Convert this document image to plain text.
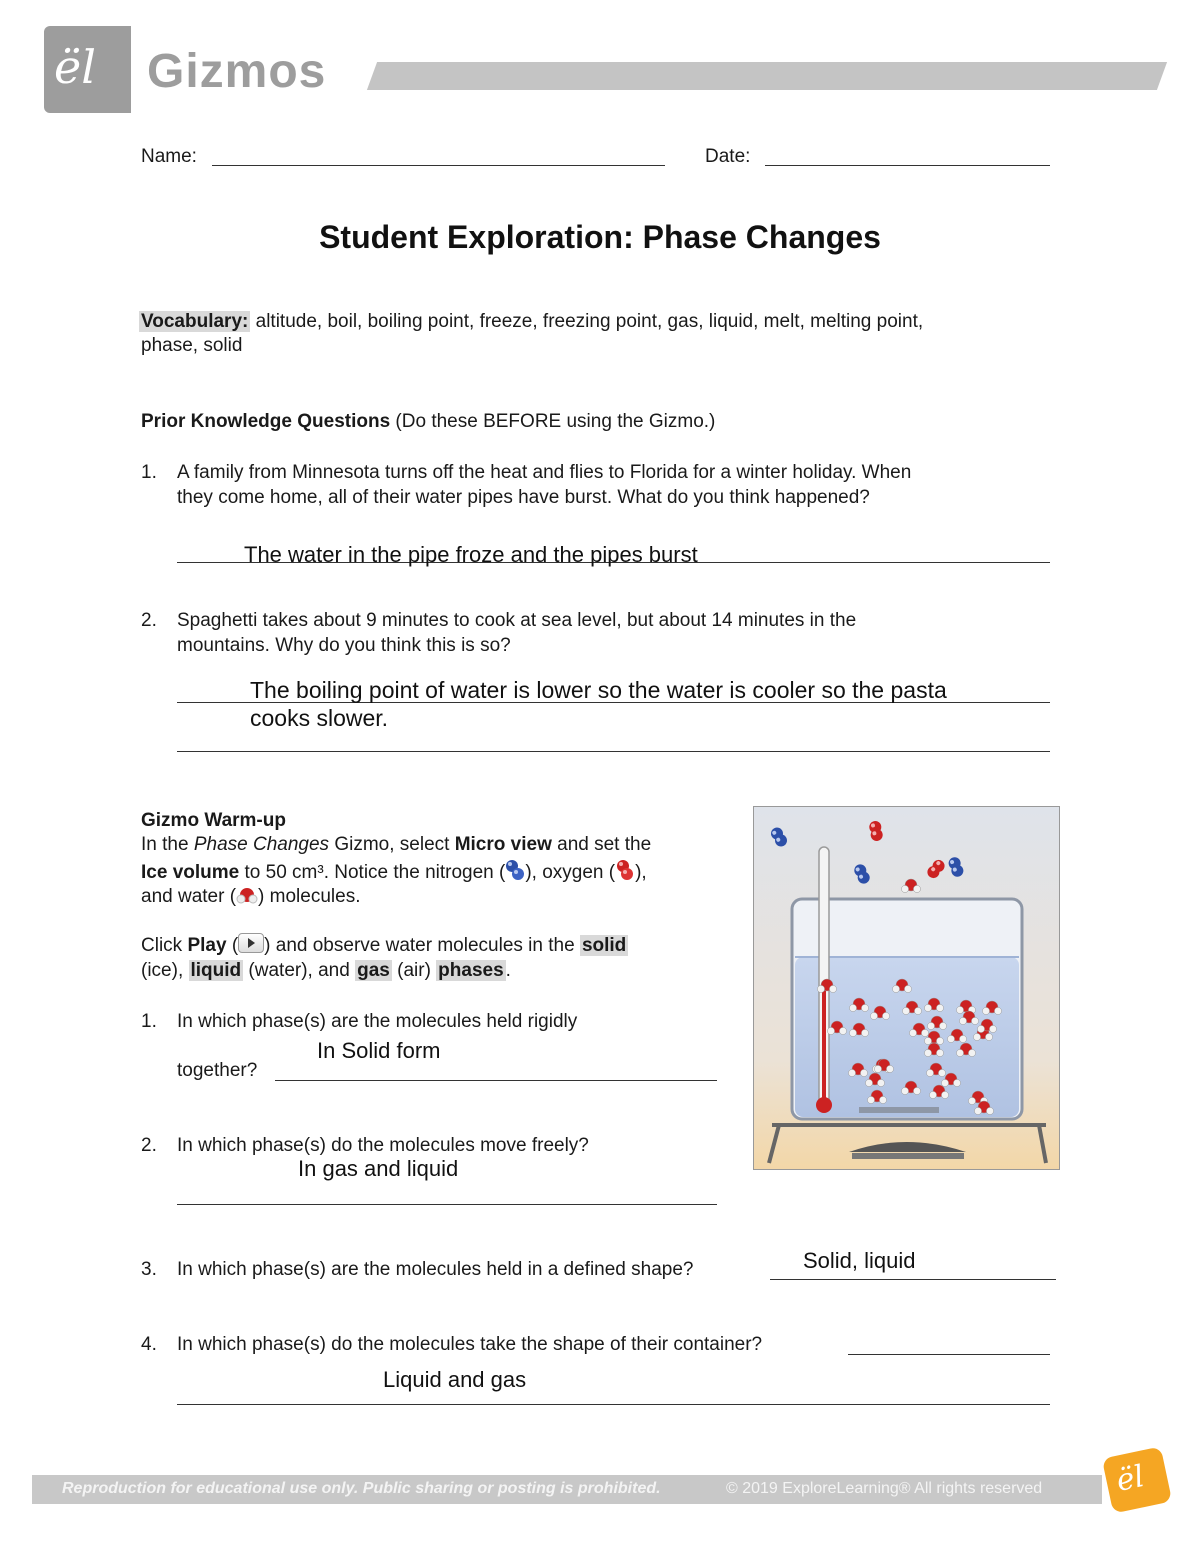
ël Gizmos
Name:	Date:
Student Exploration: Phase Changes
Vocabulary: altitude, boil, boiling point, freeze, freezing point, gas, liquid, melt, melting point,
phase, solid
Prior Knowledge Questions (Do these BEFORE using the Gizmo.)
1. A family from Minnesota turns off the heat and flies to Florida for a winter holiday. When
they come home, all of their water pipes have burst. What do you think happened?
The water in the pipe froze and the pipes burst
2. Spaghetti takes about 9 minutes to cook at sea level, but about 14 minutes in the
mountains. Why do you think this is so?
The boiling point of water is lower so the water is cooler so the pasta
cooks slower.
Gizmo Warm-up
In the Phase Changes Gizmo, select Micro view and set the
Ice volume to 50 cm³. Notice the nitrogen ( ), oxygen ( ),
and water ( ) molecules.
Click Play ( ) and observe water molecules in the solid
(ice), liquid (water), and gas (air) phases .
1. In which phase(s) are the molecules held rigidly
together?
In Solid form
2. In which phase(s) do the molecules move freely?
In gas and liquid
3. In which phase(s) are the molecules held in a defined shape?	Solid, liquid
4. In which phase(s) do the molecules take the shape of their container?
Liquid and gas
Reproduction for educational use only. Public sharing or posting is prohibited.	© 2019 ExploreLearning® All rights reserved ël
